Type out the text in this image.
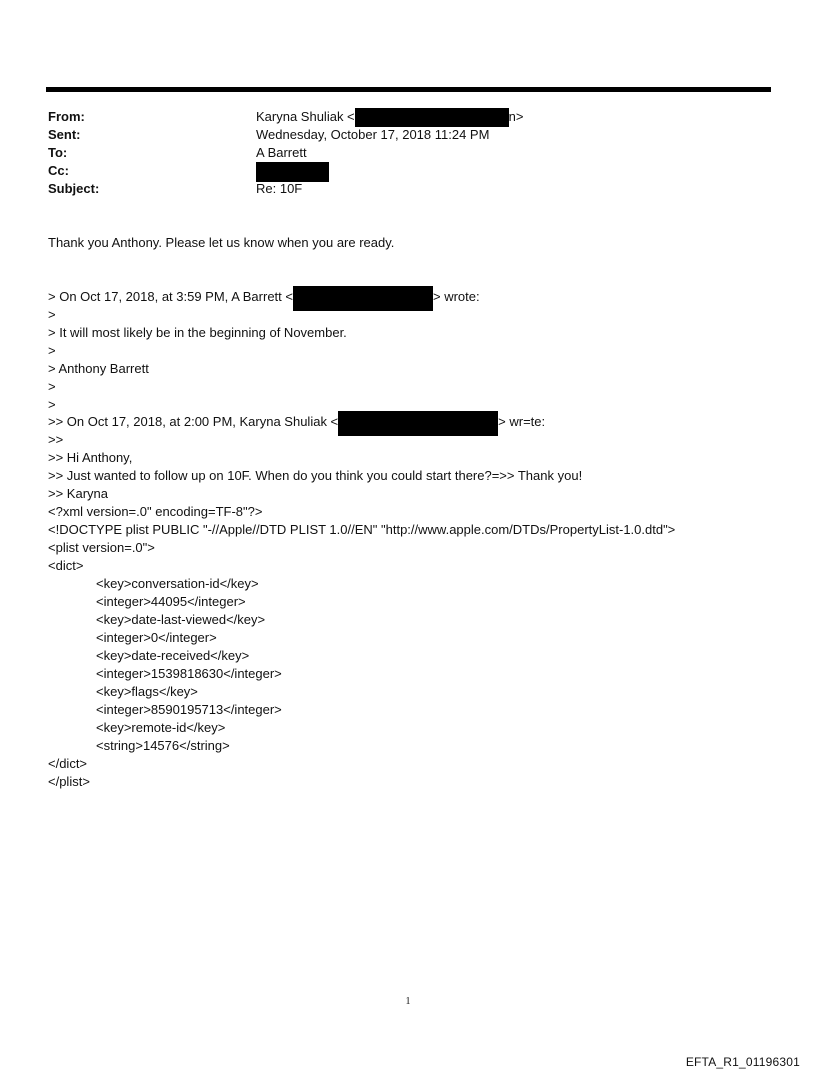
From:	Karyna Shuliak <	n>
Sent:	Wednesday, October 17, 2018 11:24 PM
To:	A Barrett
Cc:
Subject:	Re: 10F
Thank you Anthony. Please let us know when you are ready.
> On Oct 17, 2018, at 3:59 PM, A Barrett <	> wrote:
>
> It will most likely be in the beginning of November.
>
> Anthony Barrett
>
>
>> On Oct 17, 2018, at 2:00 PM, Karyna Shuliak <	> wr=te:
>>
>> Hi Anthony,
>> Just wanted to follow up on 10F. When do you think you could start there?=>> Thank you!
>> Karyna
<?xml version=.0" encoding=TF-8"?>
<!DOCTYPE plist PUBLIC "-//Apple//DTD PLIST 1.0//EN" "http://www.apple.com/DTDs/PropertyList-1.0.dtd">
<plist version=.0">
<dict>
<key>conversation-id</key>
<integer>44095</integer>
<key>date-last-viewed</key>
<integer>0</integer>
<key>date-received</key>
<integer>1539818630</integer>
<key>flags</key>
<integer>8590195713</integer>
<key>remote-id</key>
<string>14576</string>
</dict>
</plist>
1
EFTA_R1_01196301
